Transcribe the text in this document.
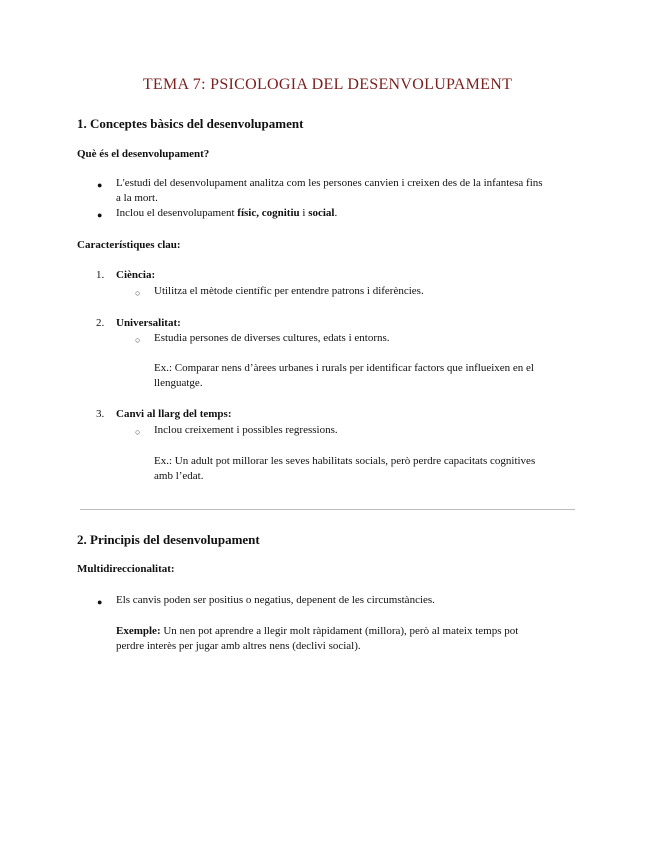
TEMA 7: PSICOLOGIA DEL DESENVOLUPAMENT
1. Conceptes bàsics del desenvolupament
Què és el desenvolupament?
● L'estudi del desenvolupament analitza com les persones canvien i creixen des de la infantesa fins
a la mort.
● Inclou el desenvolupament físic, cognitiu i social.
Característiques clau:
1. Ciència:
○ Utilitza el mètode científic per entendre patrons i diferències.
2. Universalitat:
○ Estudia persones de diverses cultures, edats i entorns.
Ex.: Comparar nens d’àrees urbanes i rurals per identificar factors que influeixen en el
llenguatge.
3. Canvi al llarg del temps:
○ Inclou creixement i possibles regressions.
Ex.: Un adult pot millorar les seves habilitats socials, però perdre capacitats cognitives
amb l’edat.
2. Principis del desenvolupament
Multidireccionalitat:
● Els canvis poden ser positius o negatius, depenent de les circumstàncies.
Exemple: Un nen pot aprendre a llegir molt ràpidament (millora), però al mateix temps pot
perdre interès per jugar amb altres nens (declivi social).
